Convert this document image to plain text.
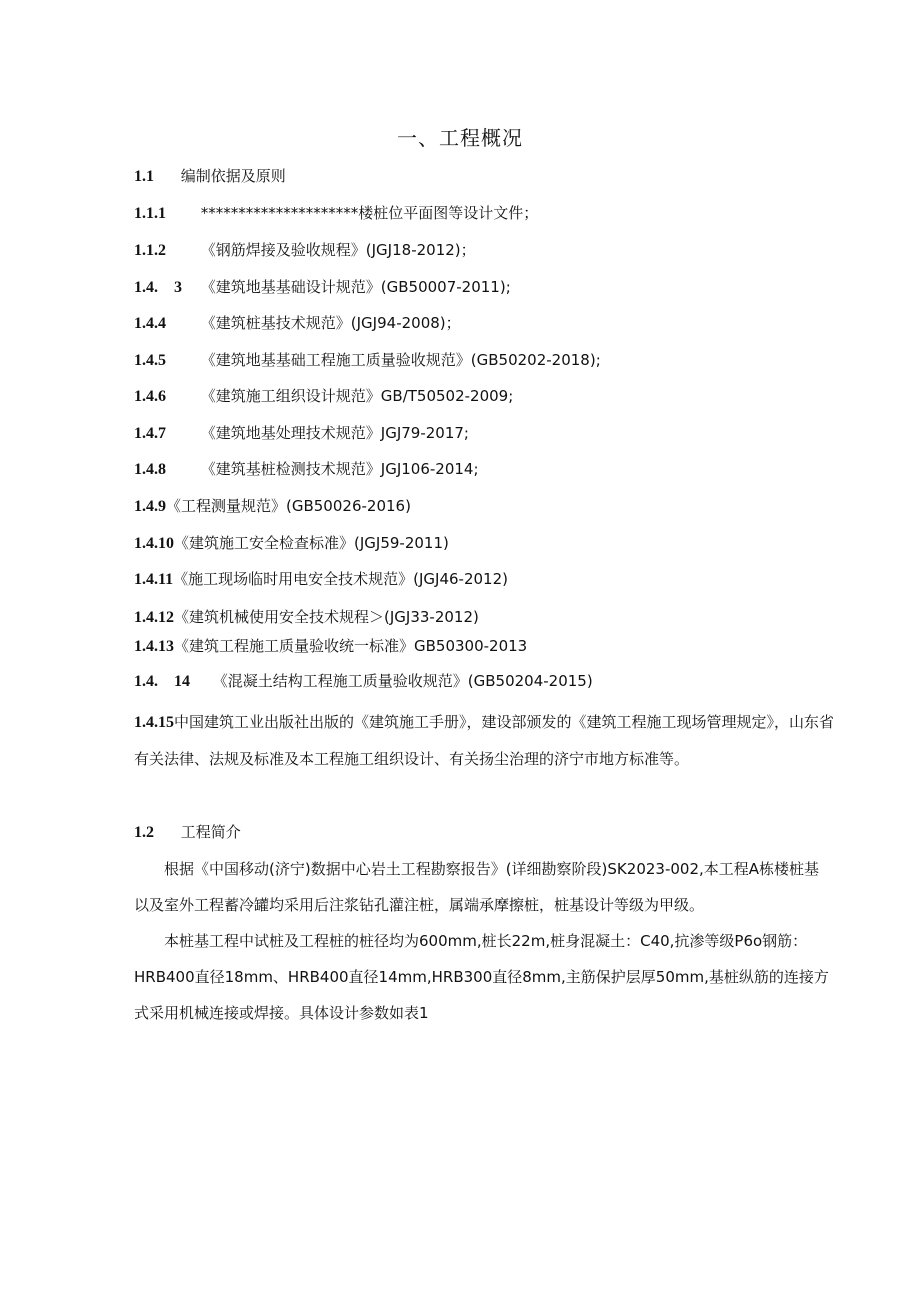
一、工程概况
1.1 编制依据及原则
1.1.1 *********************楼桩位平面图等设计文件；
1.1.2 《钢筋焊接及验收规程》(JGJ18-2012)；
1.4.　3 《建筑地基基础设计规范》(GB50007-2011);
1.4.4 《建筑桩基技术规范》(JGJ94-2008)；
1.4.5 《建筑地基基础工程施工质量验收规范》(GB50202-2018);
1.4.6 《建筑施工组织设计规范》GB/T50502-2009;
1.4.7 《建筑地基处理技术规范》JGJ79-2017;
1.4.8 《建筑基桩检测技术规范》JGJ106-2014;
1.4.9《工程测量规范》(GB50026-2016)
1.4.10《建筑施工安全检查标准》(JGJ59-2011)
1.4.11《施工现场临时用电安全技术规范》(JGJ46-2012)
1.4.12《建筑机械使用安全技术规程＞(JGJ33-2012)
1.4.13《建筑工程施工质量验收统一标准》GB50300-2013
1.4.　14 《混凝土结构工程施工质量验收规范》(GB50204-2015)
1.4.15中国建筑工业出版社出版的《建筑施工手册》，建设部颁发的《建筑工程施工现场管理规定》，山东省有关法律、法规及标准及本工程施工组织设计、有关扬尘治理的济宁市地方标准等。
1.2 工程简介
根据《中国移动(济宁)数据中心岩土工程勘察报告》(详细勘察阶段)SK2023-002,本工程A栋楼桩基以及室外工程蓄冷罐均采用后注浆钻孔灌注桩，属端承摩擦桩，桩基设计等级为甲级。
本桩基工程中试桩及工程桩的桩径均为600mm,桩长22m,桩身混凝土：C40,抗渗等级P6o钢筋：HRB400直径18mm、HRB400直径14mm,HRB300直径8mm,主筋保护层厚50mm,基桩纵筋的连接方式采用机械连接或焊接。具体设计参数如表1
